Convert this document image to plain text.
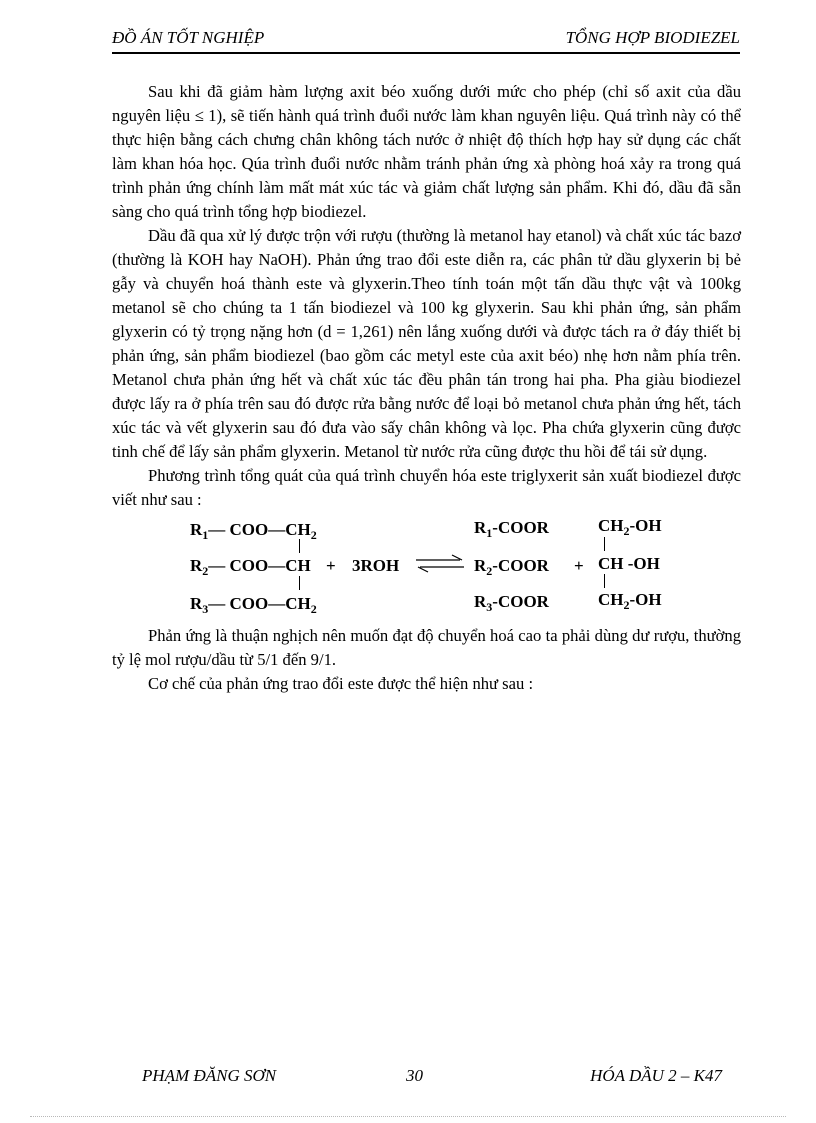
ĐỒ ÁN TỐT NGHIỆP	TỔNG HỢP BIODIEZEL

Sau khi đã giảm hàm lượng axit béo xuống dưới mức cho phép (chỉ số axit của dầu nguyên liệu ≤ 1), sẽ tiến hành quá trình đuổi nước làm khan nguyên liệu. Quá trình này có thể thực hiện bằng cách chưng chân không tách nước ở nhiệt độ thích hợp hay sử dụng các chất làm khan hóa học. Qúa trình đuổi nước nhằm tránh phản ứng xà phòng hoá xảy ra trong quá trình phản ứng chính làm mất mát xúc tác và giảm chất lượng sản phẩm. Khi đó, dầu đã sẵn sàng cho quá trình tổng hợp biodiezel.

Dầu đã qua xử lý được trộn với rượu (thường là metanol hay etanol) và chất xúc tác bazơ (thường là KOH hay NaOH). Phản ứng trao đổi este diễn ra, các phân tử dầu glyxerin bị bẻ gẫy và chuyển hoá thành este và glyxerin.Theo tính toán một tấn dầu thực vật và 100kg metanol sẽ cho chúng ta 1 tấn biodiezel và 100 kg glyxerin. Sau khi phản ứng, sản phẩm glyxerin có tỷ trọng nặng hơn (d = 1,261) nên lắng xuống dưới và được tách ra ở đáy thiết bị phản ứng, sản phẩm biodiezel (bao gồm các metyl este của axit béo) nhẹ hơn nằm phía trên. Metanol chưa phản ứng hết và chất xúc tác đều phân tán trong hai pha. Pha giàu biodiezel được lấy ra ở phía trên sau đó được rửa bằng nước để loại bỏ metanol chưa phản ứng hết, tách xúc tác và vết glyxerin sau đó đưa vào sấy chân không và lọc. Pha chứa glyxerin cũng được tinh chế để lấy sản phẩm glyxerin. Metanol từ nước rửa cũng được thu hồi để tái sử dụng.

Phương trình tổng quát của quá trình chuyển hóa este triglyxerit sản xuất biodiezel được viết như sau :

$R_1—$ $COO—CH_2$
$R_2—$ COO—CH
$R_3—$ $COO—CH_2$
+ 3ROH ⇌
$R_1$-COOR
$R_2$-COOR
$R_3$-COOR
+
$CH_2-OH$
CH -OH
$CH_2-OH$

Phản ứng là thuận nghịch nên muốn đạt độ chuyển hoá cao ta phải dùng dư rượu, thường tỷ lệ mol rượu/dầu từ 5/1 đến 9/1.

Cơ chế của phản ứng trao đổi este được thể hiện như sau :

PHẠM ĐĂNG SƠN	30	HÓA DẦU 2 – K47
